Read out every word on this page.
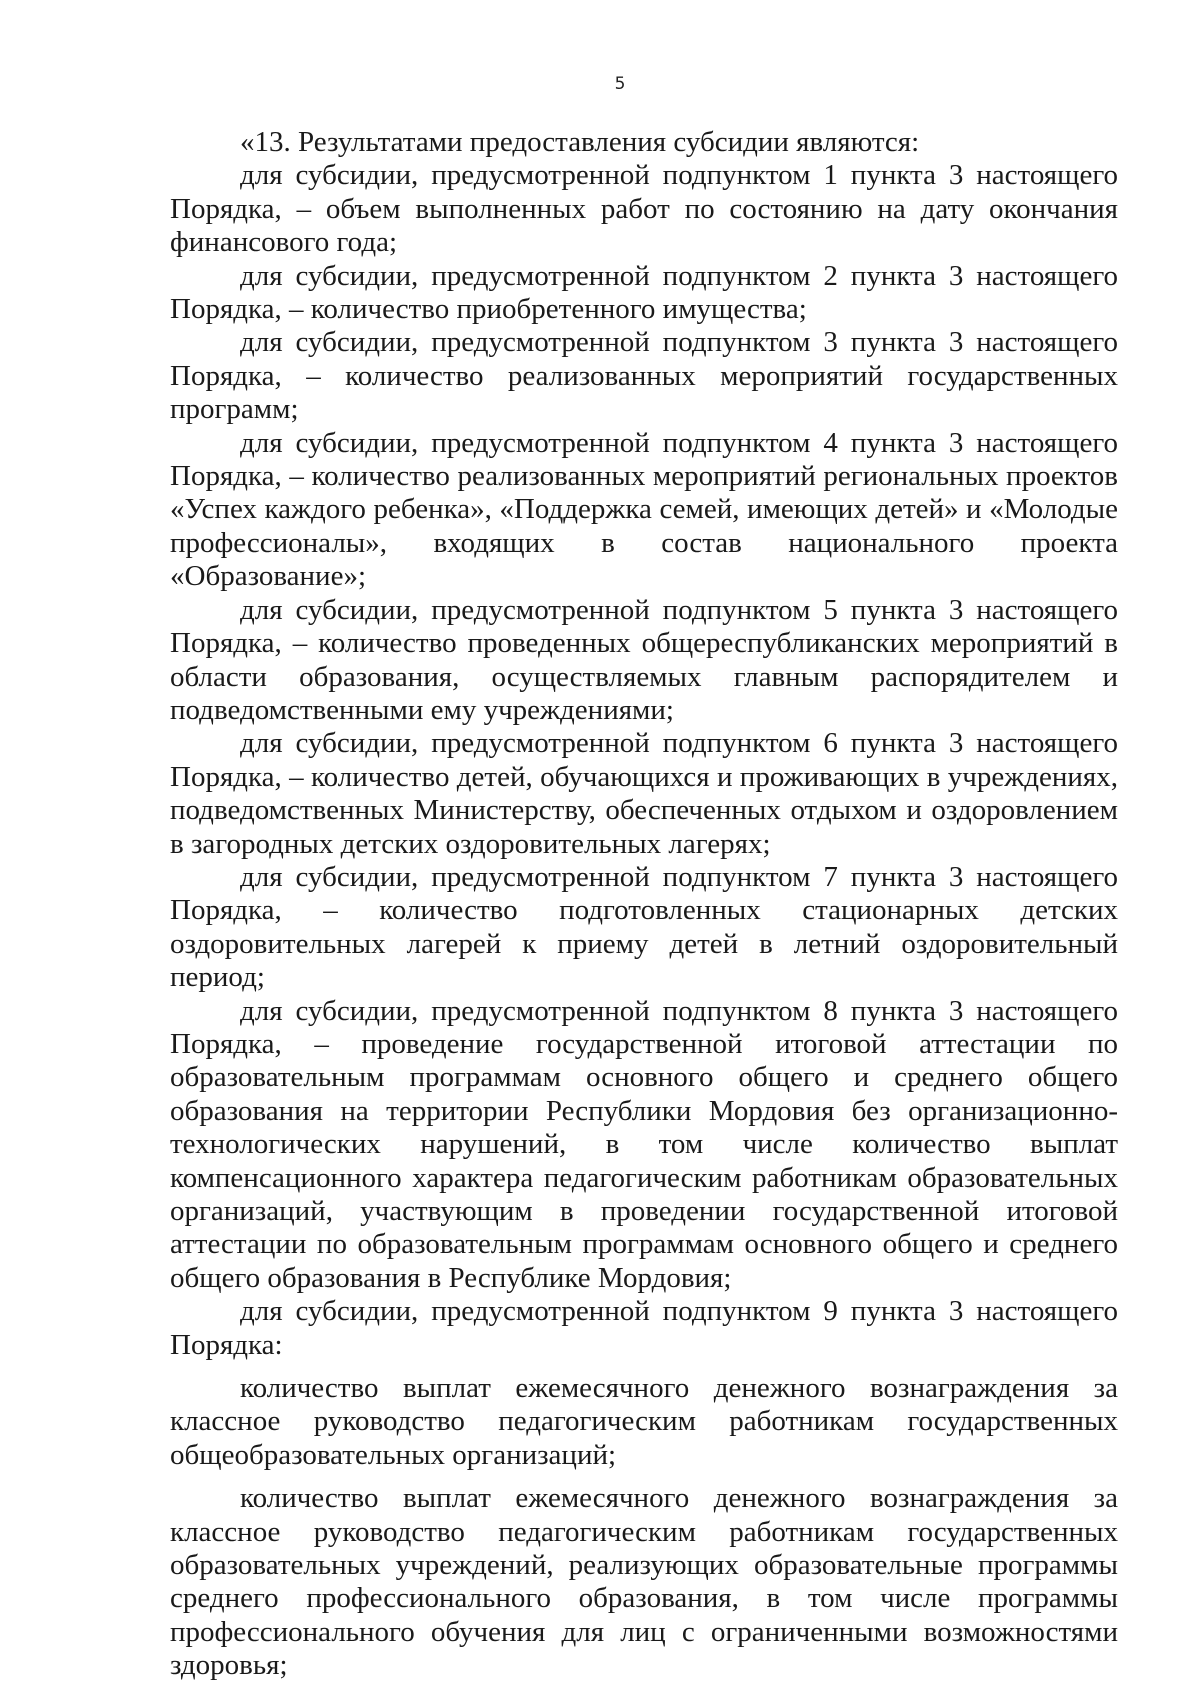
5

«13. Результатами предоставления субсидии являются:

для субсидии, предусмотренной подпунктом 1 пункта 3 настоящего Порядка, – объем выполненных работ по состоянию на дату окончания финансового года;

для субсидии, предусмотренной подпунктом 2 пункта 3 настоящего Порядка, – количество приобретенного имущества;

для субсидии, предусмотренной подпунктом 3 пункта 3 настоящего Порядка, – количество реализованных мероприятий государственных программ;

для субсидии, предусмотренной подпунктом 4 пункта 3 настоящего Порядка, – количество реализованных мероприятий региональных проектов «Успех каждого ребенка», «Поддержка семей, имеющих детей» и «Молодые профессионалы», входящих в состав национального проекта «Образование»;

для субсидии, предусмотренной подпунктом 5 пункта 3 настоящего Порядка, – количество проведенных общереспубликанских мероприятий в области образования, осуществляемых главным распорядителем и подведомственными ему учреждениями;

для субсидии, предусмотренной подпунктом 6 пункта 3 настоящего Порядка, – количество детей, обучающихся и проживающих в учреждениях, подведомственных Министерству, обеспеченных отдыхом и оздоровлением в загородных детских оздоровительных лагерях;

для субсидии, предусмотренной подпунктом 7 пункта 3 настоящего Порядка, – количество подготовленных стационарных детских оздоровительных лагерей к приему детей в летний оздоровительный период;

для субсидии, предусмотренной подпунктом 8 пункта 3 настоящего Порядка, – проведение государственной итоговой аттестации по образовательным программам основного общего и среднего общего образования на территории Республики Мордовия без организационно-технологических нарушений, в том числе количество выплат компенсационного характера педагогическим работникам образовательных организаций, участвующим в проведении государственной итоговой аттестации по образовательным программам основного общего и среднего общего образования в Республике Мордовия;

для субсидии, предусмотренной подпунктом 9 пункта 3 настоящего Порядка:

количество выплат ежемесячного денежного вознаграждения за классное руководство педагогическим работникам государственных общеобразовательных организаций;

количество выплат ежемесячного денежного вознаграждения за классное руководство педагогическим работникам государственных образовательных учреждений, реализующих образовательные программы среднего профессионального образования, в том числе программы профессионального обучения для лиц с ограниченными возможностями здоровья;
